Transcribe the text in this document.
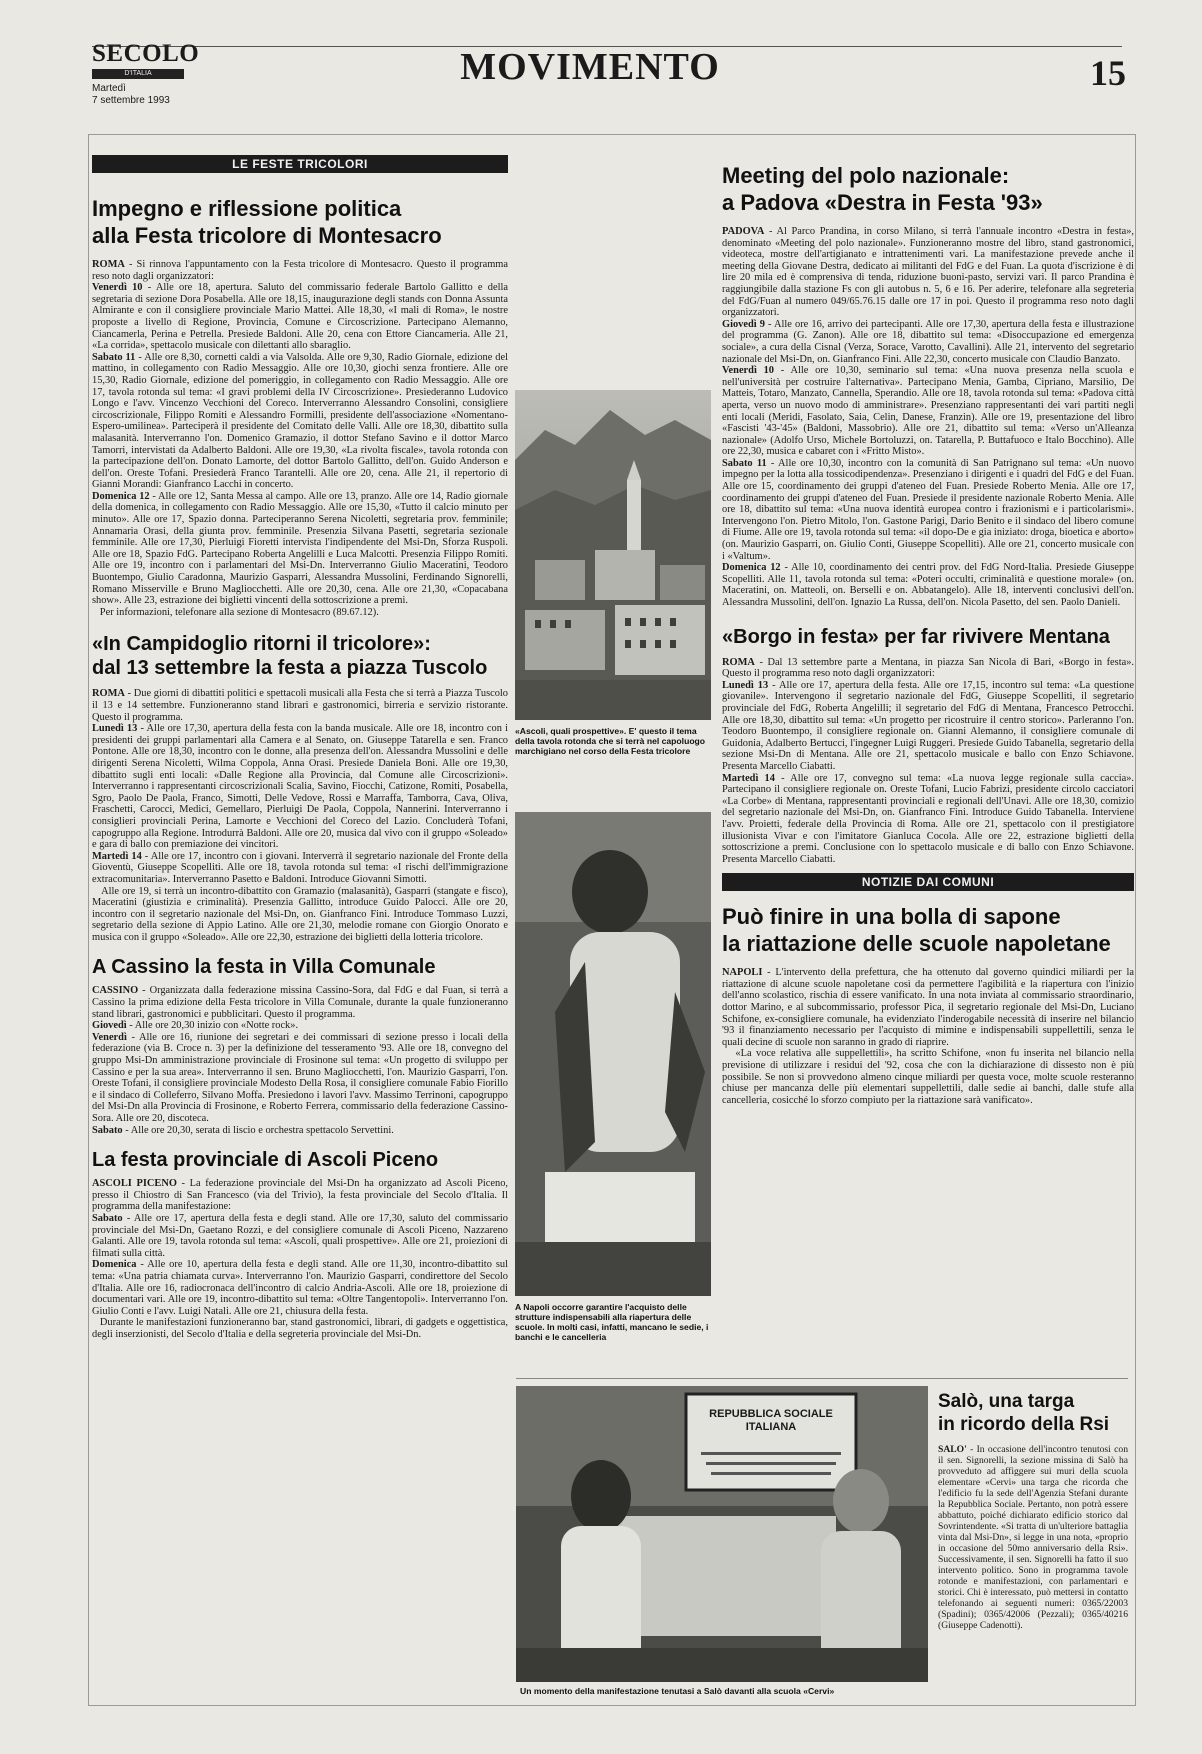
SECOLO
D'ITALIA
Martedì
7 settembre 1993
MOVIMENTO	15
LE FESTE TRICOLORI
Impegno e riflessione politica
alla Festa tricolore di Montesacro

ROMA - Si rinnova l'appuntamento con la Festa tricolore di Montesacro. Questo il programma reso noto dagli organizzatori:
Venerdì 10 - Alle ore 18, apertura. Saluto del commissario federale Bartolo Gallitto e della segretaria di sezione Dora Posabella. Alle ore 18,15, inaugurazione degli stands con Donna Assunta Almirante e con il consigliere provinciale Mario Mattei. Alle 18,30, «I mali di Roma», le nostre proposte a livello di Regione, Provincia, Comune e Circoscrizione. Partecipano Alemanno, Ciancamerla, Perina e Petrella. Presiede Baldoni. Alle 20, cena con Ettore Ciancameria. Alle 21, «La corrida», spettacolo musicale con dilettanti allo sbaraglio.
Sabato 11 - Alle ore 8,30, cornetti caldi a via Valsolda. Alle ore 9,30, Radio Giornale, edizione del mattino, in collegamento con Radio Messaggio. Alle ore 10,30, giochi senza frontiere. Alle ore 15,30, Radio Giornale, edizione del pomeriggio, in collegamento con Radio Messaggio. Alle ore 17, tavola rotonda sul tema: «I gravi problemi della IV Circoscrizione». Presiederanno Ludovico Longo e l'avv. Vincenzo Vecchioni del Coreco. Interverranno Alessandro Consolini, consigliere circoscrizionale, Filippo Romiti e Alessandro Formilli, presidente dell'associazione «Nomentano-Espero-umilinea». Parteciperà il presidente del Comitato delle Valli. Alle ore 18,30, dibattito sulla malasanità. Interverranno l'on. Domenico Gramazio, il dottor Stefano Savino e il dottor Marco Tamorri, intervistati da Adalberto Baldoni. Alle ore 19,30, «La rivolta fiscale», tavola rotonda con la partecipazione dell'on. Donato Lamorte, del dottor Bartolo Gallitto, dell'on. Guido Anderson e dell'on. Oreste Tofani. Presiederà Franco Tarantelli. Alle ore 20, cena. Alle 21, il repertorio di Gianni Morandi: Gianfranco Lacchi in concerto.
Domenica 12 - Alle ore 12, Santa Messa al campo. Alle ore 13, pranzo. Alle ore 14, Radio giornale della domenica, in collegamento con Radio Messaggio. Alle ore 15,30, «Tutto il calcio minuto per minuto». Alle ore 17, Spazio donna. Parteciperanno Serena Nicoletti, segretaria prov. femminile; Annamaria Orasi, della giunta prov. femminile. Presenzia Silvana Pasetti, segretaria sezionale femminile. Alle ore 17,30, Pierluigi Fioretti intervista l'indipendente del Msi-Dn, Sforza Ruspoli. Alle ore 18, Spazio FdG. Partecipano Roberta Angelilli e Luca Malcotti. Presenzia Filippo Romiti. Alle ore 19, incontro con i parlamentari del Msi-Dn. Interverranno Giulio Maceratini, Teodoro Buontempo, Giulio Caradonna, Maurizio Gasparri, Alessandra Mussolini, Ferdinando Signorelli, Romano Misserville e Bruno Magliocchetti. Alle ore 20,30, cena. Alle ore 21,30, «Copacabana show». Alle 23, estrazione dei biglietti vincenti della sottoscrizione a premi.
Per informazioni, telefonare alla sezione di Montesacro (89.67.12).

«In Campidoglio ritorni il tricolore»:
dal 13 settembre la festa a piazza Tuscolo

ROMA - Due giorni di dibattiti politici e spettacoli musicali alla Festa che si terrà a Piazza Tuscolo il 13 e 14 settembre. Funzioneranno stand librari e gastronomici, birreria e servizio ristorante. Questo il programma.
Lunedì 13 - Alle ore 17,30, apertura della festa con la banda musicale. Alle ore 18, incontro con i presidenti dei gruppi parlamentari alla Camera e al Senato, on. Giuseppe Tatarella e sen. Franco Pontone. Alle ore 18,30, incontro con le donne, alla presenza dell'on. Alessandra Mussolini e delle dirigenti Serena Nicoletti, Wilma Coppola, Anna Orasi. Presiede Daniela Boni. Alle ore 19,30, dibattito sugli enti locali: «Dalle Regione alla Provincia, dal Comune alle Circoscrizioni». Interverranno i rappresentanti circoscrizionali Scalia, Savino, Fiocchi, Catizone, Romiti, Posabella, Sgro, Paolo De Paola, Franco, Simotti, Delle Vedove, Rossi e Marraffa, Tamborra, Cava, Oliva, Fraschetti, Carocci, Medici, Gemellaro, Pierluigi De Paola, Coppola, Nannerini. Interverranno i consiglieri provinciali Perina, Lamorte e Vecchioni del Coreco del Lazio. Concluderà Tofani, capogruppo alla Regione. Introdurrà Baldoni. Alle ore 20, musica dal vivo con il gruppo «Soleado» e gara di ballo con premiazione dei vincitori.
Martedì 14 - Alle ore 17, incontro con i giovani. Interverrà il segretario nazionale del Fronte della Gioventù, Giuseppe Scopelliti. Alle ore 18, tavola rotonda sul tema: «I rischi dell'immigrazione extracomunitaria». Interverranno Pasetto e Baldoni. Introduce Giovanni Simotti.
Alle ore 19, si terrà un incontro-dibattito con Gramazio (malasanità), Gasparri (stangate e fisco), Maceratini (giustizia e criminalità). Presenzia Gallitto, introduce Guido Palocci. Alle ore 20, incontro con il segretario nazionale del Msi-Dn, on. Gianfranco Fini. Introduce Tommaso Luzzi, segretario della sezione di Appio Latino. Alle ore 21,30, melodie romane con Giorgio Onorato e musica con il gruppo «Soleado». Alle ore 22,30, estrazione dei biglietti della lotteria tricolore.

A Cassino la festa in Villa Comunale

CASSINO - Organizzata dalla federazione missina Cassino-Sora, dal FdG e dal Fuan, si terrà a Cassino la prima edizione della Festa tricolore in Villa Comunale, durante la quale funzioneranno stand librari, gastronomici e pubblicitari. Questo il programma.
Giovedì - Alle ore 20,30 inizio con «Notte rock».
Venerdì - Alle ore 16, riunione dei segretari e dei commissari di sezione presso i locali della federazione (via B. Croce n. 3) per la definizione del tesseramento '93. Alle ore 18, convegno del gruppo Msi-Dn amministrazione provinciale di Frosinone sul tema: «Un progetto di sviluppo per Cassino e per la sua area». Interverranno il sen. Bruno Magliocchetti, l'on. Maurizio Gasparri, l'on. Oreste Tofani, il consigliere provinciale Modesto Della Rosa, il consigliere comunale Fabio Fiorillo e il sindaco di Colleferro, Silvano Moffa. Presiedono i lavori l'avv. Massimo Terrinoni, capogruppo del Msi-Dn alla Provincia di Frosinone, e Roberto Ferrera, commissario della federazione Cassino-Sora. Alle ore 20, discoteca.
Sabato - Alle ore 20,30, serata di liscio e orchestra spettacolo Servettini.

La festa provinciale di Ascoli Piceno

ASCOLI PICENO - La federazione provinciale del Msi-Dn ha organizzato ad Ascoli Piceno, presso il Chiostro di San Francesco (via del Trivio), la festa provinciale del Secolo d'Italia. Il programma della manifestazione:
Sabato - Alle ore 17, apertura della festa e degli stand. Alle ore 17,30, saluto del commissario provinciale del Msi-Dn, Gaetano Rozzi, e del consigliere comunale di Ascoli Piceno, Nazzareno Galanti. Alle ore 19, tavola rotonda sul tema: «Ascoli, quali prospettive». Alle ore 21, proiezioni di filmati sulla città.
Domenica - Alle ore 10, apertura della festa e degli stand. Alle ore 11,30, incontro-dibattito sul tema: «Una patria chiamata curva». Interverranno l'on. Maurizio Gasparri, condirettore del Secolo d'Italia. Alle ore 16, radiocronaca dell'incontro di calcio Andria-Ascoli. Alle ore 18, proiezione di documentari vari. Alle ore 19, incontro-dibattito sul tema: «Oltre Tangentopoli». Interverranno l'on. Giulio Conti e l'avv. Luigi Natali. Alle ore 21, chiusura della festa.
Durante le manifestazioni funzioneranno bar, stand gastronomici, librari, di gadgets e oggettistica, degli inserzionisti, del Secolo d'Italia e della segreteria provinciale del Msi-Dn.

«Ascoli, quali prospettive». E' questo il tema della tavola rotonda che si terrà nel capoluogo marchigiano nel corso della Festa tricolore
A Napoli occorre garantire l'acquisto delle strutture indispensabili alla riapertura delle scuole. In molti casi, infatti, mancano le sedie, i banchi e le cancelleria
Meeting del polo nazionale:
a Padova «Destra in Festa '93»

PADOVA - Al Parco Prandina, in corso Milano, si terrà l'annuale incontro «Destra in festa», denominato «Meeting del polo nazionale». Funzioneranno mostre del libro, stand gastronomici, videoteca, mostre dell'artigianato e intrattenimenti vari. La manifestazione prevede anche il meeting della Giovane Destra, dedicato ai militanti del FdG e del Fuan. La quota d'iscrizione è di lire 20 mila ed è comprensiva di tenda, riduzione buoni-pasto, servizi vari. Il parco Prandina è raggiungibile dalla stazione Fs con gli autobus n. 5, 6 e 16. Per aderire, telefonare alla segreteria del FdG/Fuan al numero 049/65.76.15 dalle ore 17 in poi. Questo il programma reso noto dagli organizzatori.
Giovedì 9 - Alle ore 16, arrivo dei partecipanti. Alle ore 17,30, apertura della festa e illustrazione del programma (G. Zanon). Alle ore 18, dibattito sul tema: «Disoccupazione ed emergenza sociale», a cura della Cisnal (Verza, Sorace, Varotto, Cavallini). Alle 21, intervento del segretario nazionale del Msi-Dn, on. Gianfranco Fini. Alle 22,30, concerto musicale con Claudio Banzato.
Venerdì 10 - Alle ore 10,30, seminario sul tema: «Una nuova presenza nella scuola e nell'università per costruire l'alternativa». Partecipano Menia, Gamba, Cipriano, Marsilio, De Matteis, Totaro, Manzato, Cannella, Sperandio. Alle ore 18, tavola rotonda sul tema: «Padova città aperta, verso un nuovo modo di amministrare». Presenziano rappresentanti dei vari partiti negli enti locali (Meridi, Fasolato, Saia, Celin, Danese, Franzin). Alle ore 19, presentazione del libro «Fascisti '43-'45» (Baldoni, Massobrio). Alle ore 21, dibattito sul tema: «Verso un'Alleanza nazionale» (Adolfo Urso, Michele Bortoluzzi, on. Tatarella, P. Buttafuoco e Italo Bocchino). Alle ore 22,30, musica e cabaret con i «Fritto Misto».
Sabato 11 - Alle ore 10,30, incontro con la comunità di San Patrignano sul tema: «Un nuovo impegno per la lotta alla tossicodipendenza». Presenziano i dirigenti e i quadri del FdG e del Fuan. Alle ore 15, coordinamento dei gruppi d'ateneo del Fuan. Presiede Roberto Menia. Alle ore 17, coordinamento dei gruppi d'ateneo del Fuan. Presiede il presidente nazionale Roberto Menia. Alle ore 18, dibattito sul tema: «Una nuova identità europea contro i frazionismi e i particolarismi». Intervengono l'on. Pietro Mitolo, l'on. Gastone Parigi, Dario Benito e il sindaco del libero comune di Fiume. Alle ore 19, tavola rotonda sul tema: «il dopo-De e gia iniziato: droga, bioetica e aborto» (on. Maurizio Gasparri, on. Giulio Conti, Giuseppe Scopelliti). Alle ore 21, concerto musicale con i «Valtum».
Domenica 12 - Alle 10, coordinamento dei centri prov. del FdG Nord-Italia. Presiede Giuseppe Scopelliti. Alle 11, tavola rotonda sul tema: «Poteri occulti, criminalità e questione morale» (on. Maceratini, on. Matteoli, on. Berselli e on. Abbatangelo). Alle 18, interventi conclusivi dell'on. Alessandra Mussolini, dell'on. Ignazio La Russa, dell'on. Nicola Pasetto, del sen. Paolo Danieli.

«Borgo in festa» per far rivivere Mentana

ROMA - Dal 13 settembre parte a Mentana, in piazza San Nicola di Bari, «Borgo in festa». Questo il programma reso noto dagli organizzatori:
Lunedì 13 - Alle ore 17, apertura della festa. Alle ore 17,15, incontro sul tema: «La questione giovanile». Intervengono il segretario nazionale del FdG, Giuseppe Scopelliti, il segretario provinciale del FdG, Roberta Angelilli; il segretario del FdG di Mentana, Francesco Petrocchi. Alle ore 18,30, dibattito sul tema: «Un progetto per ricostruire il centro storico». Parleranno l'on. Teodoro Buontempo, il consigliere regionale on. Gianni Alemanno, il consigliere comunale di Guidonia, Adalberto Bertucci, l'ingegner Luigi Ruggeri. Presiede Guido Tabanella, segretario della sezione Msi-Dn di Mentana. Alle ore 21, spettacolo musicale e ballo con Enzo Schiavone. Presenta Marcello Ciabatti.
Martedì 14 - Alle ore 17, convegno sul tema: «La nuova legge regionale sulla caccia». Partecipano il consigliere regionale on. Oreste Tofani, Lucio Fabrizi, presidente circolo cacciatori «La Corbe» di Mentana, rappresentanti provinciali e regionali dell'Unavi. Alle ore 18,30, comizio del segretario nazionale del Msi-Dn, on. Gianfranco Fini. Introduce Guido Tabanella. Interviene l'avv. Proietti, federale della Provincia di Roma. Alle ore 21, spettacolo con il prestigiatore illusionista Vivar e con l'imitatore Gianluca Cocola. Alle ore 22, estrazione biglietti della sottoscrizione a premi. Conclusione con lo spettacolo musicale e di ballo con Enzo Schiavone. Presenta Marcello Ciabatti.

NOTIZIE DAI COMUNI
Può finire in una bolla di sapone
la riattazione delle scuole napoletane

NAPOLI - L'intervento della prefettura, che ha ottenuto dal governo quindici miliardi per la riattazione di alcune scuole napoletane così da permettere l'agibilità e la riapertura con l'inizio dell'anno scolastico, rischia di essere vanificato. In una nota inviata al commissario straordinario, dottor Marino, e al subcommissario, professor Pica, il segretario regionale del Msi-Dn, Luciano Schifone, ex-consigliere comunale, ha evidenziato l'inderogabile necessità di inserire nel bilancio '93 il finanziamento necessario per l'acquisto di mimine e indispensabili suppellettili, senza le quali decine di scuole non saranno in grado di riaprire.
«La voce relativa alle suppellettili», ha scritto Schifone, «non fu inserita nel bilancio nella previsione di utilizzare i residui del '92, cosa che con la dichiarazione di dissesto non è più possibile. Se non si provvedono almeno cinque miliardi per questa voce, molte scuole resteranno chiuse per mancanza delle più elementari suppellettili, dalle sedie ai banchi, dalle stufe alla cancelleria, cosicché lo sforzo compiuto per la riattazione sarà vanificato».

REPUBBLICA SOCIALE ITALIANA
Un momento della manifestazione tenutasi a Salò davanti alla scuola «Cervi»
Salò, una targa
in ricordo della Rsi

SALO' - In occasione dell'incontro tenutosi con il sen. Signorelli, la sezione missina di Salò ha provveduto ad affiggere sui muri della scuola elementare «Cervi» una targa che ricorda che l'edificio fu la sede dell'Agenzia Stefani durante la Repubblica Sociale. Pertanto, non potrà essere abbattuto, poiché dichiarato edificio storico dal Sovrintendente. «Si tratta di un'ulteriore battaglia vinta dal Msi-Dn», si legge in una nota, «proprio in occasione del 50mo anniversario della Rsi». Successivamente, il sen. Signorelli ha fatto il suo intervento politico. Sono in programma tavole rotonde e manifestazioni, con parlamentari e storici. Chi è interessato, può mettersi in contatto telefonando ai seguenti numeri: 0365/22003 (Spadini); 0365/42006 (Pezzali); 0365/40216 (Giuseppe Cadenotti).
